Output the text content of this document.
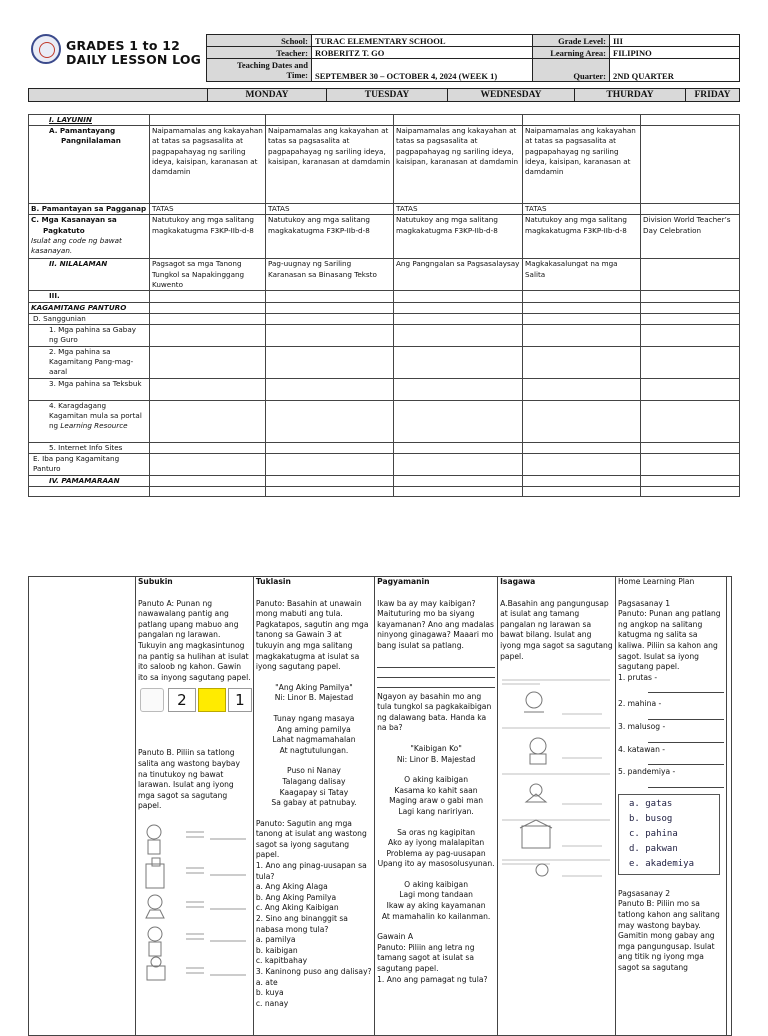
GRADES 1 to 12
DAILY LESSON LOG
School:	TURAC ELEMENTARY SCHOOL	Grade Level:	III
Teacher:	ROBERITZ T. GO	Learning Area:	FILIPINO
Teaching Dates and
Time:	SEPTEMBER 30 – OCTOBER 4, 2024 (WEEK 1)	Quarter:	2ND QUARTER
	MONDAY	TUESDAY	WEDNESDAY	THURDAY	FRIDAY
I. LAYUNIN					
A. Pamantayang
Pangnilalaman	Naipamamalas ang kakayahan at tatas sa pagsasalita at pagpapahayag ng sariling ideya, kaisipan, karanasan at damdamin	Naipamamalas ang kakayahan at tatas sa pagsasalita at pagpapahayag ng sariling ideya, kaisipan, karanasan at damdamin	Naipamamalas ang kakayahan at tatas sa pagsasalita at pagpapahayag ng sariling ideya, kaisipan, karanasan at damdamin	Naipamamalas ang kakayahan at tatas sa pagsasalita at pagpapahayag ng sariling ideya, kaisipan, karanasan at damdamin	
B. Pamantayan sa Pagganap	TATAS	TATAS	TATAS	TATAS	
C. Mga Kasanayan sa
Pagkatuto
Isulat ang code ng bawat kasanayan.	Natutukoy ang mga salitang magkakatugma F3KP-IIb-d-8	Natutukoy ang mga salitang magkakatugma F3KP-IIb-d-8	Natutukoy ang mga salitang magkakatugma F3KP-IIb-d-8	Natutukoy ang mga salitang magkakatugma F3KP-IIb-d-8	Division World Teacher’s Day Celebration
II. NILALAMAN	Pagsagot sa mga Tanong Tungkol sa Napakinggang Kuwento	Pag-uugnay ng Sariling Karanasan sa Binasang Teksto	Ang Pangngalan sa Pagsasalaysay	Magkakasalungat na mga Salita	
III.					
KAGAMITANG PANTURO					
D. Sanggunian					
1. Mga pahina sa Gabay ng Guro					
2. Mga pahina sa Kagamitang Pang-mag-aaral					
3. Mga pahina sa Teksbuk					
4. Karagdagang Kagamitan mula sa portal ng Learning Resource					
5. Internet Info Sites					
E. Iba pang Kagamitang Panturo					
IV. PAMAMARAAN					

Subukin
Panuto A: Punan ng nawawalang pantig ang patlang upang mabuo ang pangalan ng larawan. Tukuyin ang magkasintunog na pantig sa hulihan at isulat ito saloob ng kahon. Gawin ito sa inyong sagutang papel.
2	1
Panuto B. Piliin sa tatlong salita ang wastong baybay na tinutukoy ng bawat larawan. Isulat ang iyong mga sagot sa sagutang papel.

Tuklasin
Panuto: Basahin at unawain mong mabuti ang tula. Pagkatapos, sagutin ang mga tanong sa Gawain 3 at tukuyin ang mga salitang magkakatugma at isulat sa iyong sagutang papel.
"Ang Aking Pamilya"
Ni: Linor B. Majestad
Tunay ngang masaya
Ang aming pamilya
Lahat nagmamahalan
At nagtutulungan.
Puso ni Nanay
Talagang dalisay
Kaagapay si Tatay
Sa gabay at patnubay.
Panuto: Sagutin ang mga tanong at isulat ang wastong sagot sa iyong sagutang papel.
1. Ano ang pinag-uusapan sa tula?
a. Ang Aking Alaga
b. Ang Aking Pamilya
c. Ang Aking Kaibigan
2. Sino ang binanggit sa nabasa mong tula?
a. pamilya
b. kaibigan
c. kapitbahay
3. Kaninong puso ang dalisay?
a. ate
b. kuya
c. nanay

Pagyamanin
Ikaw ba ay may kaibigan? Maituturing mo ba siyang kayamanan? Ano ang madalas ninyong ginagawa? Maaari mo bang isulat sa patlang.
Ngayon ay basahin mo ang tula tungkol sa pagkakaibigan ng dalawang bata. Handa ka na ba?
"Kaibigan Ko"
Ni: Linor B. Majestad
O aking kaibigan
Kasama ko kahit saan
Maging araw o gabi man
Lagi kang naririyan.
Sa oras ng kagipitan
Ako ay iyong malalapitan
Problema ay pag-uusapan
Upang ito ay masosolusyunan.
O aking kaibigan
Lagi mong tandaan
Ikaw ay aking kayamanan
At mamahalin ko kailanman.
Gawain A
Panuto: Piliin ang letra ng tamang sagot at isulat sa sagutang papel.
1. Ano ang pamagat ng tula?

Isagawa
A.Basahin ang pangungusap at isulat ang tamang pangalan ng larawan sa bawat bilang. Isulat ang iyong mga sagot sa sagutang papel.

Home Learning Plan
Pagsasanay 1
Panuto: Punan ang patlang ng angkop na salitang katugma ng salita sa kaliwa. Piliin sa kahon ang sagot. Isulat sa iyong sagutang papel.
1. prutas -
2. mahina -
3. malusog -
4. katawan -
5. pandemiya -
a. gatas
b. busog
c. pahina
d. pakwan
e. akademiya
Pagsasanay 2
Panuto B: Piliin mo sa tatlong kahon ang salitang may wastong baybay. Gamitin mong gabay ang mga pangungusap. Isulat ang titik ng iyong mga sagot sa sagutang
